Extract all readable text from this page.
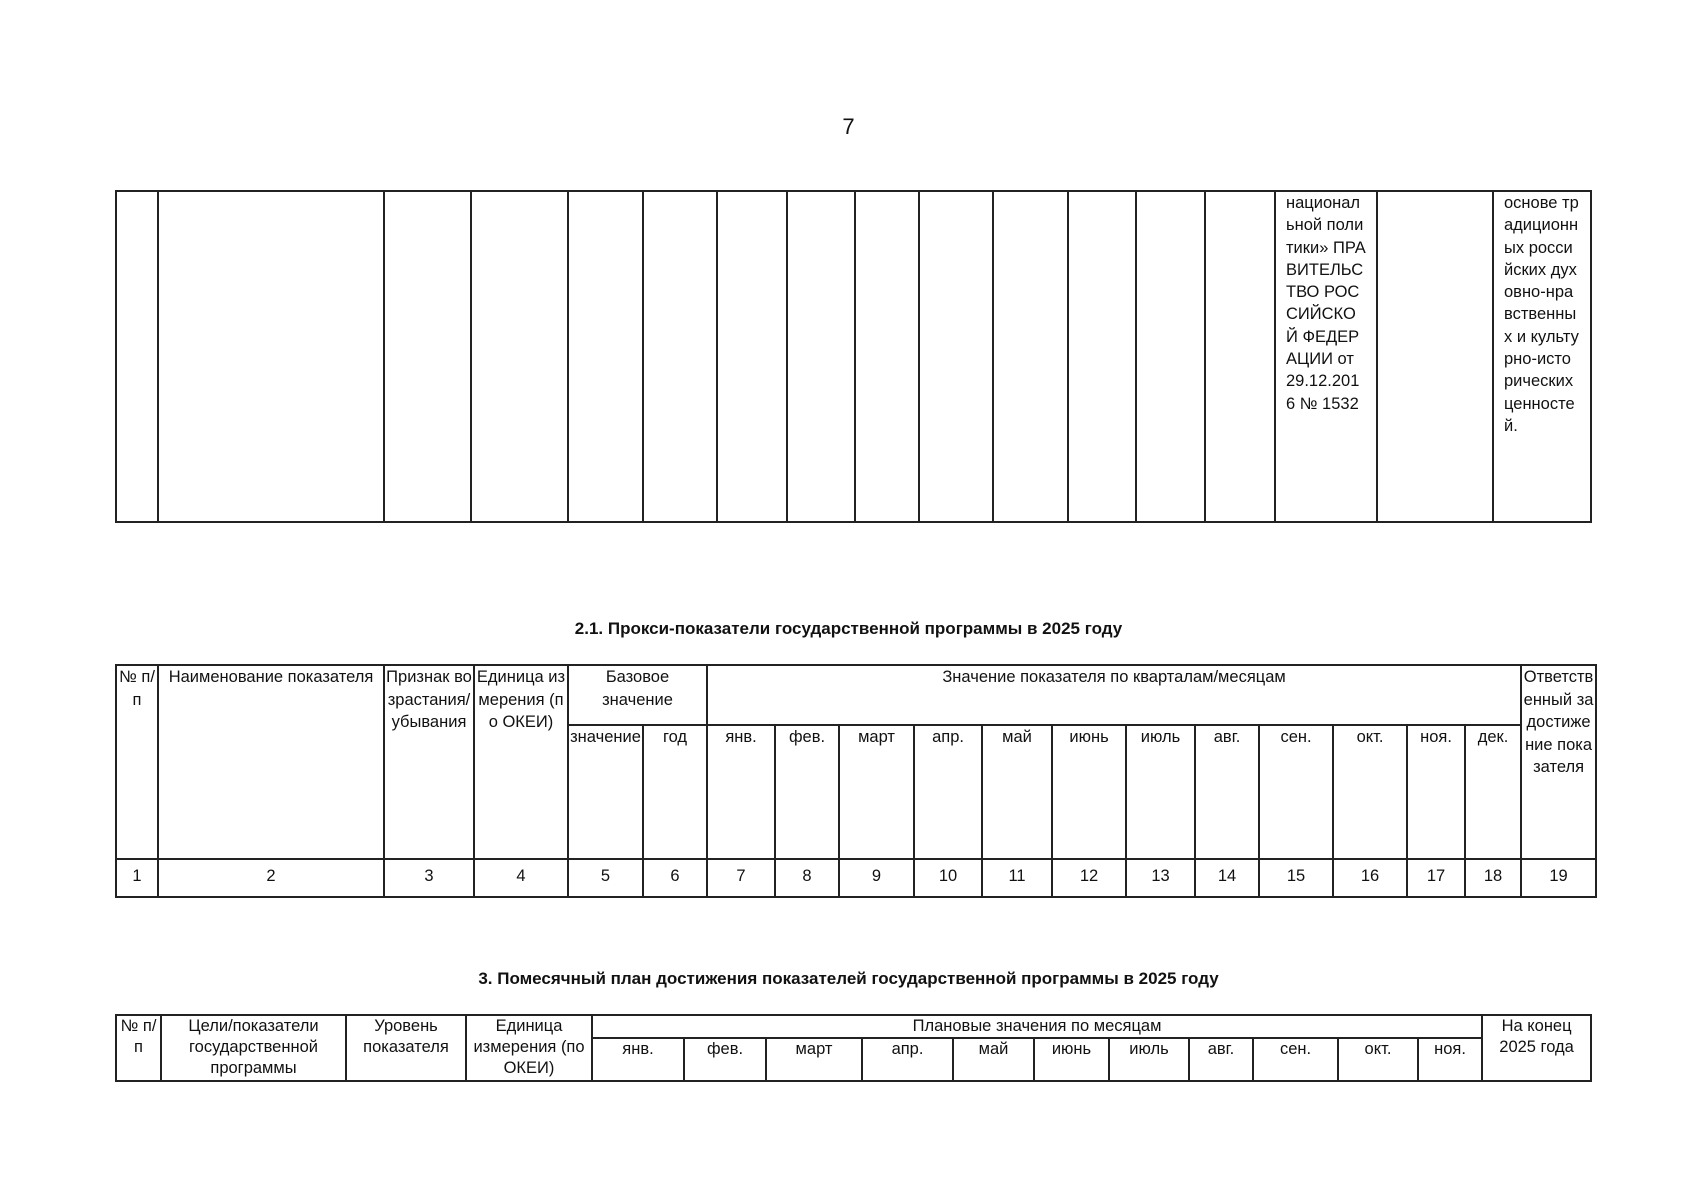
7
														национальной политики» ПРАВИТЕЛЬСТВО РОССИЙСКОЙ ФЕДЕРАЦИИ от 29.12.2016 № 1532		основе традиционных российских духовно-нравственных и культурно-исторических ценностей.
2.1. Прокси-показатели государственной программы в 2025 году
№ п/п	Наименование показателя	Признак возрастания/убывания	Единица измерения (по ОКЕИ)	Базовое значение		Значение показателя по кварталам/месяцам												Ответственный за достижение показателя
				значение	год	янв.	фев.	март	апр.	май	июнь	июль	авг.	сен.	окт.	ноя.	дек.	
1	2	3	4	5	6	7	8	9	10	11	12	13	14	15	16	17	18	19
3. Помесячный план достижения показателей государственной программы в 2025 году
№ п/п	Цели/показатели государственной программы	Уровень показателя	Единица измерения (по ОКЕИ)	Плановые значения по месяцам											На конец 2025 года
				янв.	фев.	март	апр.	май	июнь	июль	авг.	сен.	окт.	ноя.	
